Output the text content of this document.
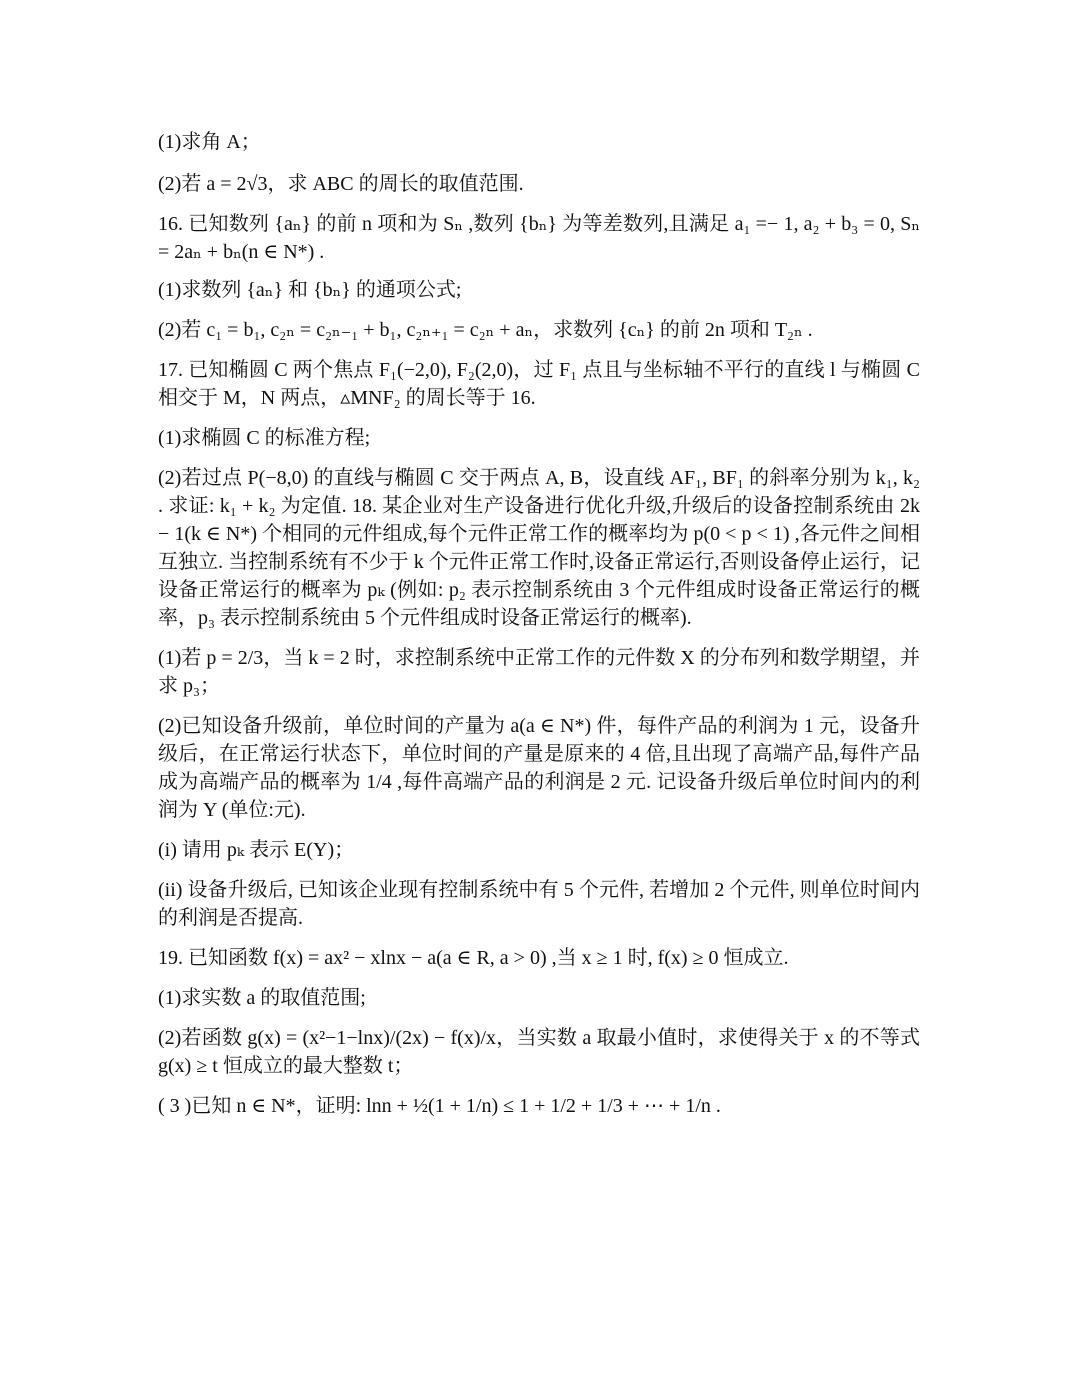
(1)求角 A；

(2)若 a = 2√3，求 ABC 的周长的取值范围.

16. 已知数列 {aₙ} 的前 n 项和为 Sₙ ,数列 {bₙ} 为等差数列,且满足 a₁ =− 1, a₂ + b₃ = 0, Sₙ = 2aₙ + bₙ(n ∈ N*) .

(1)求数列 {aₙ} 和 {bₙ} 的通项公式;

(2)若 c₁ = b₁, c₂ₙ = c₂ₙ₋₁ + b₁, c₂ₙ₊₁ = c₂ₙ + aₙ，求数列 {cₙ} 的前 2n 项和 T₂ₙ .

17. 已知椭圆 C 两个焦点 F₁(−2,0), F₂(2,0)，过 F₁ 点且与坐标轴不平行的直线 l 与椭圆 C 相交于 M，N 两点，▵MNF₂ 的周长等于 16.

(1)求椭圆 C 的标准方程;

(2)若过点 P(−8,0) 的直线与椭圆 C 交于两点 A, B，设直线 AF₁, BF₁ 的斜率分别为 k₁, k₂ . 求证: k₁ + k₂ 为定值. 18. 某企业对生产设备进行优化升级,升级后的设备控制系统由 2k − 1(k ∈ N*) 个相同的元件组成,每个元件正常工作的概率均为 p(0 < p < 1) ,各元件之间相互独立. 当控制系统有不少于 k 个元件正常工作时,设备正常运行,否则设备停止运行，记设备正常运行的概率为 pₖ (例如: p₂ 表示控制系统由 3 个元件组成时设备正常运行的概率，p₃ 表示控制系统由 5 个元件组成时设备正常运行的概率).

(1)若 p = 2/3，当 k = 2 时，求控制系统中正常工作的元件数 X 的分布列和数学期望，并求 p₃；

(2)已知设备升级前，单位时间的产量为 a(a ∈ N*) 件，每件产品的利润为 1 元，设备升级后，在正常运行状态下，单位时间的产量是原来的 4 倍,且出现了高端产品,每件产品成为高端产品的概率为 1/4 ,每件高端产品的利润是 2 元. 记设备升级后单位时间内的利润为 Y (单位:元).

(i) 请用 pₖ 表示 E(Y)；

(ii) 设备升级后, 已知该企业现有控制系统中有 5 个元件, 若增加 2 个元件, 则单位时间内的利润是否提高.

19. 已知函数 f(x) = ax² − xlnx − a(a ∈ R, a > 0) ,当 x ≥ 1 时, f(x) ≥ 0 恒成立.

(1)求实数 a 的取值范围;

(2)若函数 g(x) = (x²−1−lnx)/(2x) − f(x)/x，当实数 a 取最小值时，求使得关于 x 的不等式 g(x) ≥ t 恒成立的最大整数 t；

( 3 )已知 n ∈ N*，证明: lnn + ½(1 + 1/n) ≤ 1 + 1/2 + 1/3 + ⋯ + 1/n .
